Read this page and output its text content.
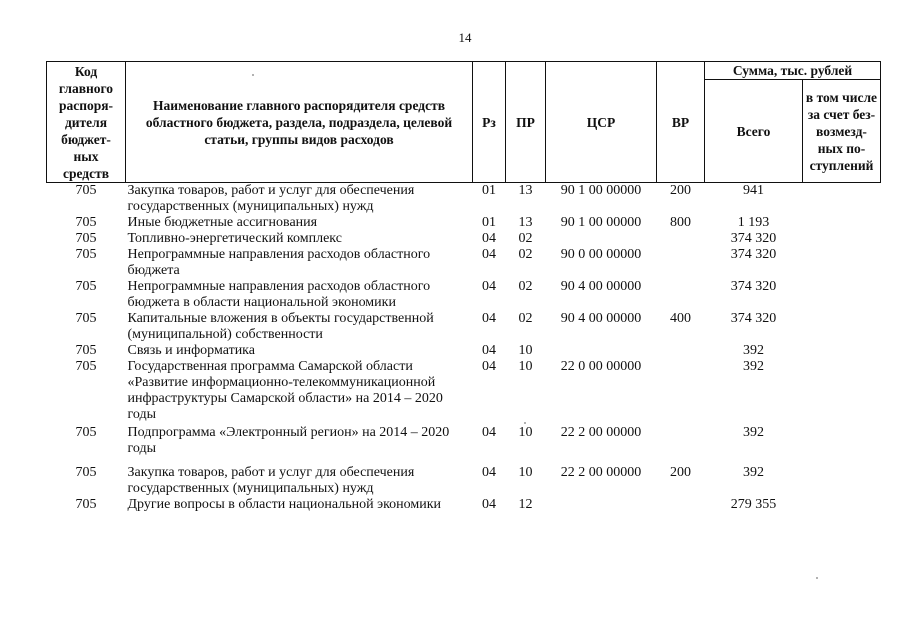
14
Код главного распоря-дителя бюджет-ных средств	Наименование главного распорядителя средств областного бюджета, раздела, подраздела, целевой статьи, группы видов расходов	Рз	ПР	ЦСР	ВР	Сумма, тыс. рублей	
						Всего	в том числе за счет без-возмезд-ных по-ступлений
705	Закупка товаров, работ и услуг для обеспечения государственных (муниципальных) нужд	01	13	90 1 00 00000	200	941	
705	Иные бюджетные ассигнования	01	13	90 1 00 00000	800	1 193	
705	Топливно-энергетический комплекс	04	02			374 320	
705	Непрограммные направления расходов областного бюджета	04	02	90 0 00 00000		374 320	
705	Непрограммные направления расходов областного бюджета в области национальной экономики	04	02	90 4 00 00000		374 320	
705	Капитальные вложения в объекты государственной (муниципальной) собственности	04	02	90 4 00 00000	400	374 320	
705	Связь и информатика	04	10			392	
705	Государственная программа Самарской области «Развитие информационно-телекоммуникационной инфраструктуры Самарской области» на 2014 – 2020 годы	04	10	22 0 00 00000		392	
705	Подпрограмма «Электронный регион» на 2014 – 2020 годы	04	10	22 2 00 00000		392	
705	Закупка товаров, работ и услуг для обеспечения государственных (муниципальных) нужд	04	10	22 2 00 00000	200	392	
705	Другие вопросы в области национальной экономики	04	12			279 355	
